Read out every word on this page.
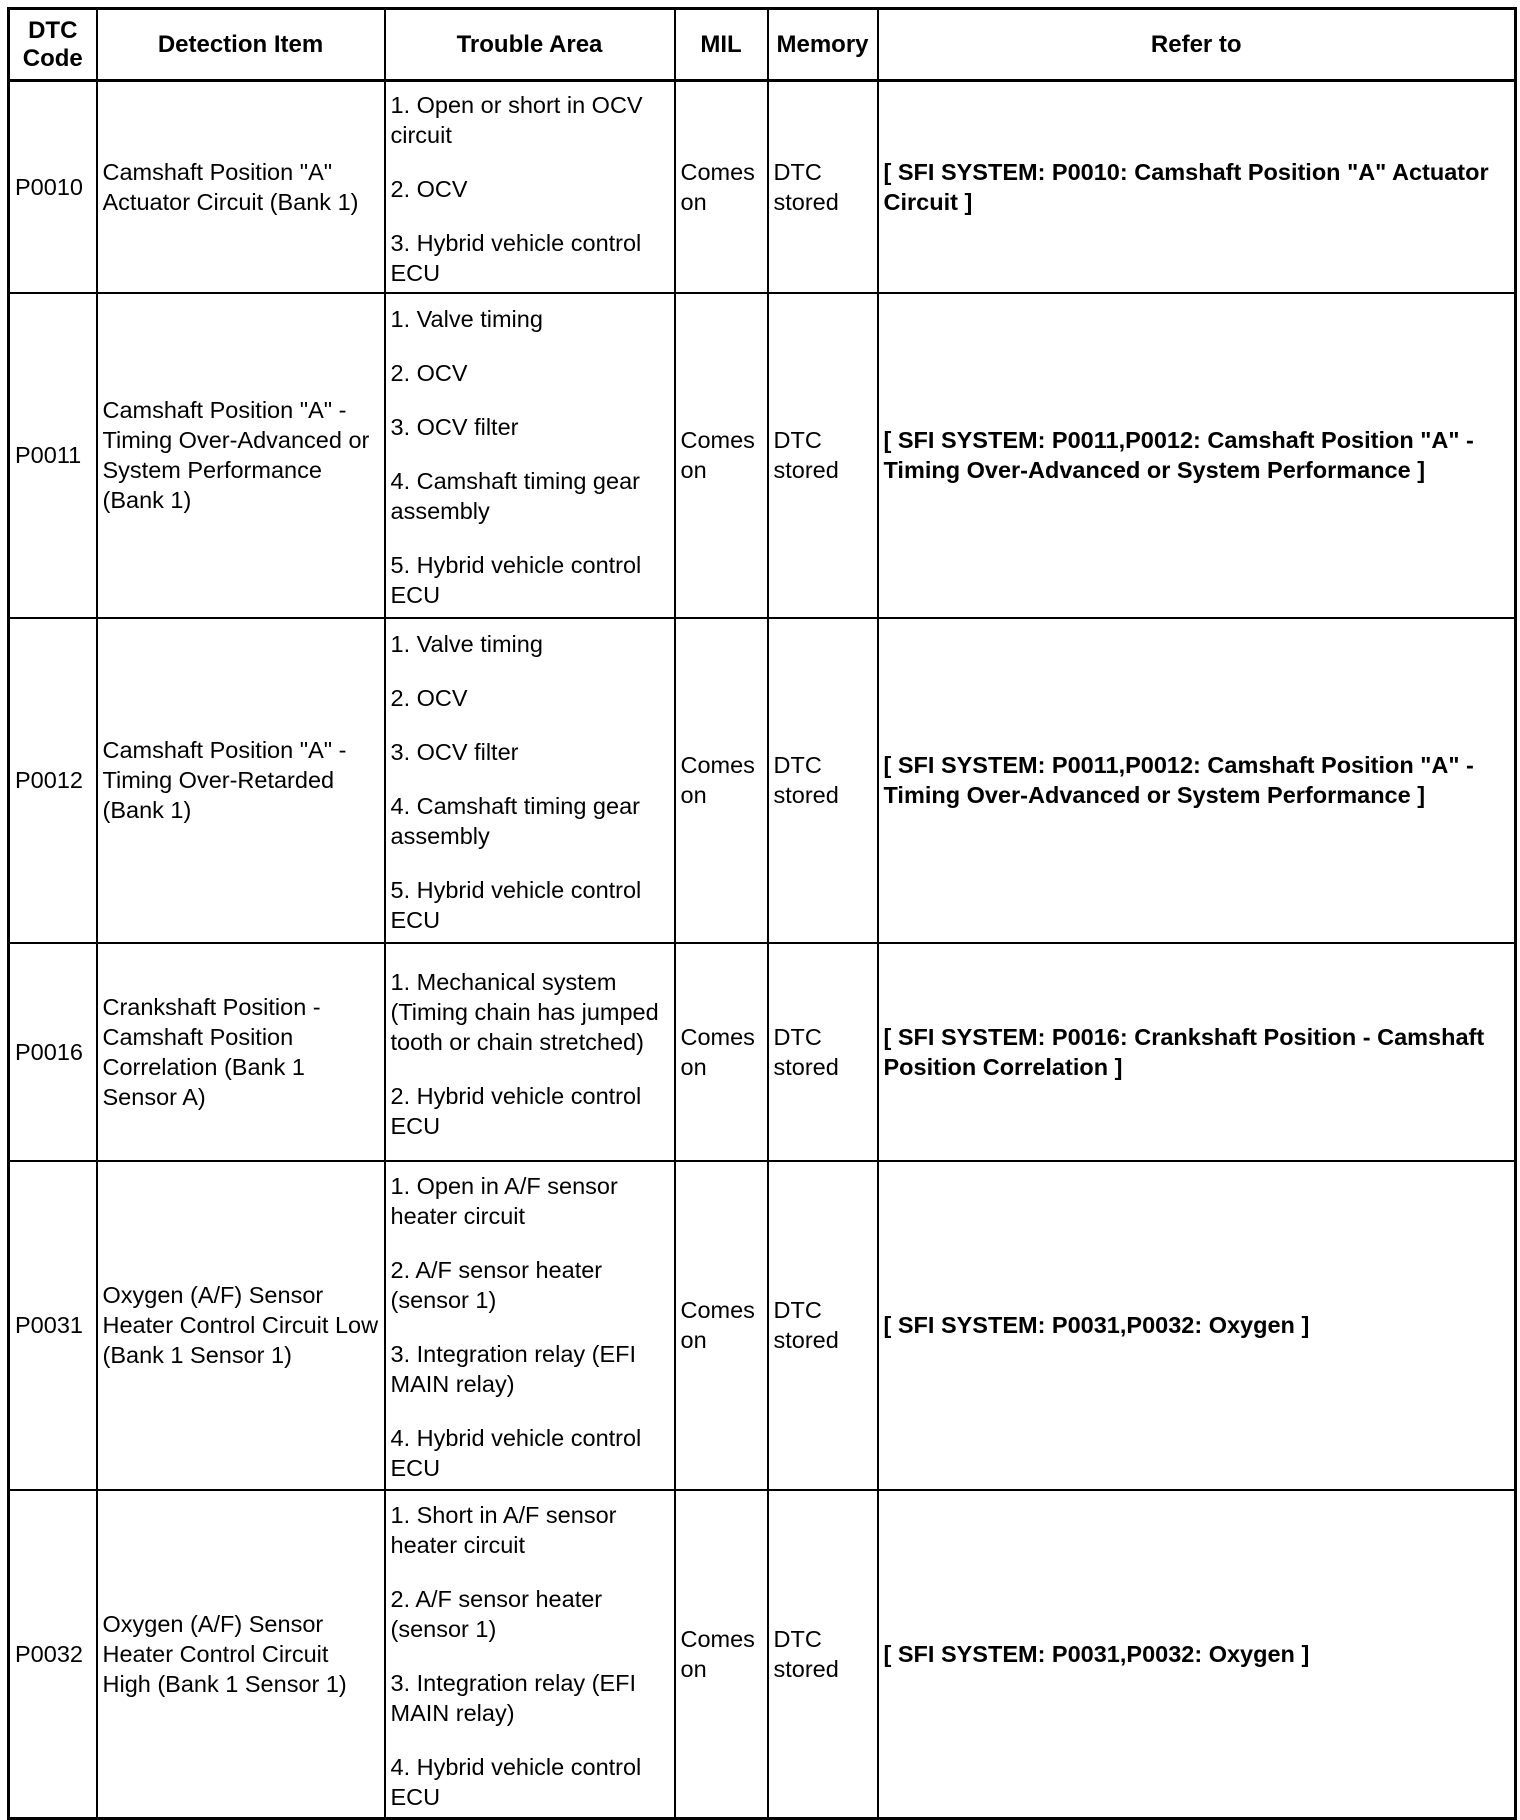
DTC Code	Detection Item	Trouble Area	MIL	Memory	Refer to
P0010	Camshaft Position "A" Actuator Circuit (Bank 1)	1. Open or short in OCV circuit
2. OCV
3. Hybrid vehicle control ECU	Comes on	DTC stored	[ SFI SYSTEM: P0010: Camshaft Position "A" Actuator Circuit ]
P0011	Camshaft Position "A" - Timing Over-Advanced or System Performance (Bank 1)	1. Valve timing
2. OCV
3. OCV filter
4. Camshaft timing gear assembly
5. Hybrid vehicle control ECU	Comes on	DTC stored	[ SFI SYSTEM: P0011,P0012: Camshaft Position "A" - Timing Over-Advanced or System Performance ]
P0012	Camshaft Position "A" - Timing Over-Retarded (Bank 1)	1. Valve timing
2. OCV
3. OCV filter
4. Camshaft timing gear assembly
5. Hybrid vehicle control ECU	Comes on	DTC stored	[ SFI SYSTEM: P0011,P0012: Camshaft Position "A" - Timing Over-Advanced or System Performance ]
P0016	Crankshaft Position - Camshaft Position Correlation (Bank 1 Sensor A)	1. Mechanical system (Timing chain has jumped tooth or chain stretched)
2. Hybrid vehicle control ECU	Comes on	DTC stored	[ SFI SYSTEM: P0016: Crankshaft Position - Camshaft Position Correlation ]
P0031	Oxygen (A/F) Sensor Heater Control Circuit Low (Bank 1 Sensor 1)	1. Open in A/F sensor heater circuit
2. A/F sensor heater (sensor 1)
3. Integration relay (EFI MAIN relay)
4. Hybrid vehicle control ECU	Comes on	DTC stored	[ SFI SYSTEM: P0031,P0032: Oxygen ]
P0032	Oxygen (A/F) Sensor Heater Control Circuit High (Bank 1 Sensor 1)	1. Short in A/F sensor heater circuit
2. A/F sensor heater (sensor 1)
3. Integration relay (EFI MAIN relay)
4. Hybrid vehicle control ECU	Comes on	DTC stored	[ SFI SYSTEM: P0031,P0032: Oxygen ]
